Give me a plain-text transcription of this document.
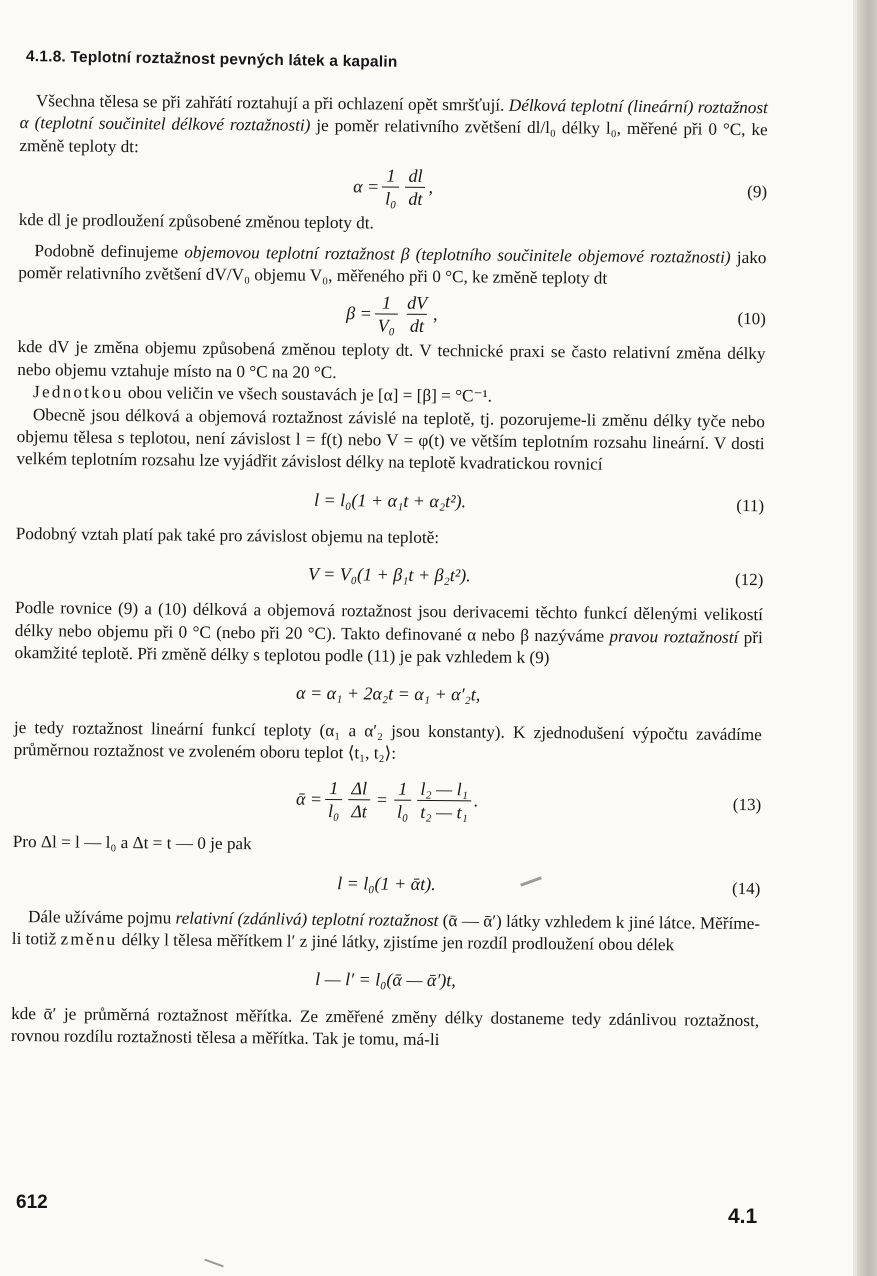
4.1.8. Teplotní roztažnost pevných látek a kapalin

Všechna tělesa se při zahřátí roztahují a při ochlazení opět smršťují. Délková teplotní (lineární) roztažnost α (teplotní součinitel délkové roztažnosti) je poměr relativního zvětšení dl/l₀ délky l₀, měřené při 0 °C, ke změně teploty dt:

$\alpha = \frac{1}{\text{l₀}} \frac{dl}{dt}$ ,	(9)

kde dl je prodloužení způsobené změnou teploty dt.

Podobně definujeme objemovou teplotní roztažnost β (teplotního součinitele objemové roztažnosti) jako poměr relativního zvětšení dV/V₀ objemu V₀, měřeného při 0 °C, ke změně teploty dt

$\beta = \frac{1}{\text{V₀}} \frac{dV}{dt}$ ,	(10)

kde dV je změna objemu způsobená změnou teploty dt. V technické praxi se často relativní změna délky nebo objemu vztahuje místo na 0 °C na 20 °C.

Jednotkou obou veličin ve všech soustavách je [α] = [β] = °C⁻¹.

Obecně jsou délková a objemová roztažnost závislé na teplotě, tj. pozorujeme-li změnu délky tyče nebo objemu tělesa s teplotou, není závislost l = f(t) nebo V = φ(t) ve větším teplotním rozsahu lineární. V dosti velkém teplotním rozsahu lze vyjádřit závislost délky na teplotě kvadratickou rovnicí

l = l₀(1 + α₁t + α₂t²).	(11)

Podobný vztah platí pak také pro závislost objemu na teplotě:

V = V₀(1 + β₁t + β₂t²).	(12)

Podle rovnice (9) a (10) délková a objemová roztažnost jsou derivacemi těchto funkcí dělenými velikostí délky nebo objemu při 0 °C (nebo při 20 °C). Takto definované α nebo β nazýváme pravou roztažností při okamžité teplotě. Při změně délky s teplotou podle (11) je pak vzhledem k (9)

α = α₁ + 2α₂t = α₁ + α′₂t,

je tedy roztažnost lineární funkcí teploty (α₁ a α′₂ jsou konstanty). K zjednodušení výpočtu zavádíme průměrnou roztažnost ve zvoleném oboru teplot ⟨t₁, t₂⟩:

ᾱ = $\frac{1}{\text{l₀}} \frac{\Delta l}{\Delta t} = \frac{1}{\text{l₀}} \frac{\text{l₂ — l₁}}{\text{t₂ — t₁}}$ .	(13)

Pro Δl = l — l₀ a Δt = t — 0 je pak

l = l₀(1 + ᾱt).	(14)

Dále užíváme pojmu relativní (zdánlivá) teplotní roztažnost (ᾱ — ᾱ′) látky vzhledem k jiné látce. Měříme-li totiž změnu délky l tělesa měřítkem l′ z jiné látky, zjistíme jen rozdíl prodloužení obou délek

l — l′ = l₀(ᾱ — ᾱ′)t,

kde ᾱ′ je průměrná roztažnost měřítka. Ze změřené změny délky dostaneme tedy zdánlivou roztažnost, rovnou rozdílu roztažnosti tělesa a měřítka. Tak je tomu, má-li

612
4.1
